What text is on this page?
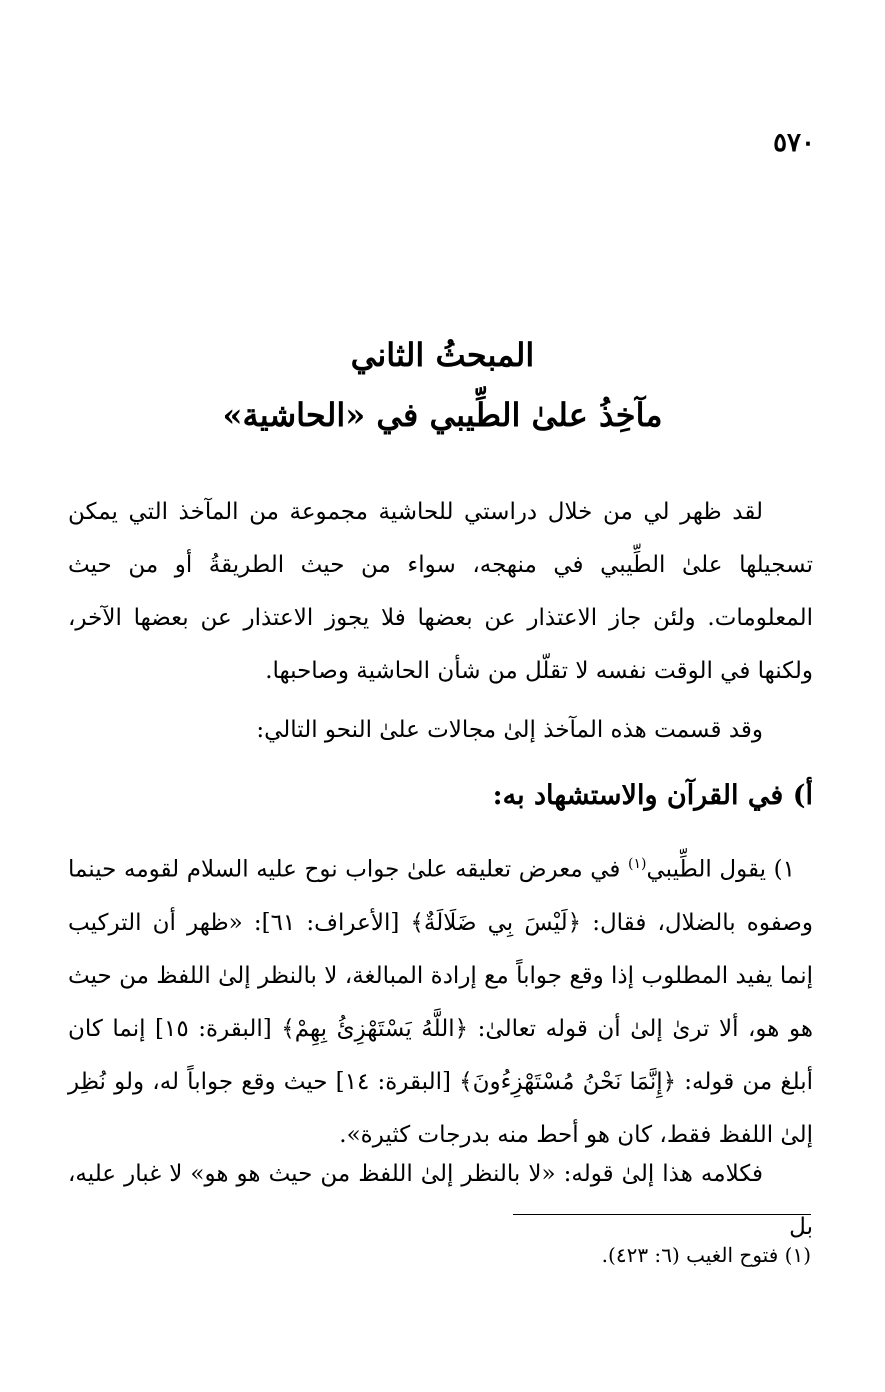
٥٧٠
المبحثُ الثاني
مآخِذُ علىٰ الطِّيبي في «الحاشية»

لقد ظهر لي من خلال دراستي للحاشية مجموعة من المآخذ التي يمكن تسجيلها علىٰ الطِّيبي في منهجه، سواء من حيث الطريقةُ أو من حيث المعلومات. ولئن جاز الاعتذار عن بعضها فلا يجوز الاعتذار عن بعضها الآخر، ولكنها في الوقت نفسه لا تقلّل من شأن الحاشية وصاحبها.

وقد قسمت هذه المآخذ إلىٰ مجالات علىٰ النحو التالي:

أ) في القرآن والاستشهاد به:

١) يقول الطِّيبي$^{(١)}$ في معرض تعليقه علىٰ جواب نوح عليه السلام لقومه حينما وصفوه بالضلال، فقال: ﴿لَيْسَ بِي ضَلَالَةٌ﴾ [الأعراف: ٦١]: «ظهر أن التركيب إنما يفيد المطلوب إذا وقع جواباً مع إرادة المبالغة، لا بالنظر إلىٰ اللفظ من حيث هو هو، ألا ترىٰ إلىٰ أن قوله تعالىٰ: ﴿اللَّهُ يَسْتَهْزِئُ بِهِمْ﴾ [البقرة: ١٥] إنما كان أبلغ من قوله: ﴿إِنَّمَا نَحْنُ مُسْتَهْزِءُونَ﴾ [البقرة: ١٤] حيث وقع جواباً له، ولو نُظِر إلىٰ اللفظ فقط، كان هو أحط منه بدرجات كثيرة».

فكلامه هذا إلىٰ قوله: «لا بالنظر إلىٰ اللفظ من حيث هو هو» لا غبار عليه، بل

(١) فتوح الغيب (٦: ٤٢٣).
